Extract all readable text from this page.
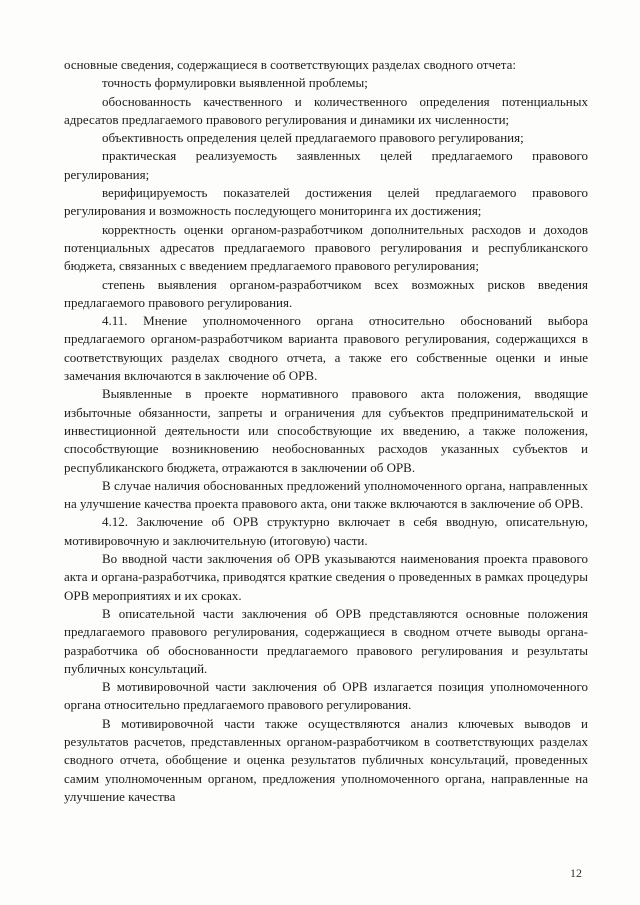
основные сведения, содержащиеся в соответствующих разделах сводного отчета:

точность формулировки выявленной проблемы;

обоснованность качественного и количественного определения потенциальных адресатов предлагаемого правового регулирования и динамики их численности;

объективность определения целей предлагаемого правового регулирования;

практическая реализуемость заявленных целей предлагаемого правового регулирования;

верифицируемость показателей достижения целей предлагаемого правового регулирования и возможность последующего мониторинга их достижения;

корректность оценки органом-разработчиком дополнительных расходов и доходов потенциальных адресатов предлагаемого правового регулирования и республиканского бюджета, связанных с введением предлагаемого правового регулирования;

степень выявления органом-разработчиком всех возможных рисков введения предлагаемого правового регулирования.

4.11. Мнение уполномоченного органа относительно обоснований выбора предлагаемого органом-разработчиком варианта правового регулирования, содержащихся в соответствующих разделах сводного отчета, а также его собственные оценки и иные замечания включаются в заключение об ОРВ.

Выявленные в проекте нормативного правового акта положения, вводящие избыточные обязанности, запреты и ограничения для субъектов предпринимательской и инвестиционной деятельности или способствующие их введению, а также положения, способствующие возникновению необоснованных расходов указанных субъектов и республиканского бюджета, отражаются в заключении об ОРВ.

В случае наличия обоснованных предложений уполномоченного органа, направленных на улучшение качества проекта правового акта, они также включаются в заключение об ОРВ.

4.12. Заключение об ОРВ структурно включает в себя вводную, описательную, мотивировочную и заключительную (итоговую) части.

Во вводной части заключения об ОРВ указываются наименования проекта правового акта и органа-разработчика, приводятся краткие сведения о проведенных в рамках процедуры ОРВ мероприятиях и их сроках.

В описательной части заключения об ОРВ представляются основные положения предлагаемого правового регулирования, содержащиеся в сводном отчете выводы органа-разработчика об обоснованности предлагаемого правового регулирования и результаты публичных консультаций.

В мотивировочной части заключения об ОРВ излагается позиция уполномоченного органа относительно предлагаемого правового регулирования.

В мотивировочной части также осуществляются анализ ключевых выводов и результатов расчетов, представленных органом-разработчиком в соответствующих разделах сводного отчета, обобщение и оценка результатов публичных консультаций, проведенных самим уполномоченным органом, предложения уполномоченного органа, направленные на улучшение качества

12
